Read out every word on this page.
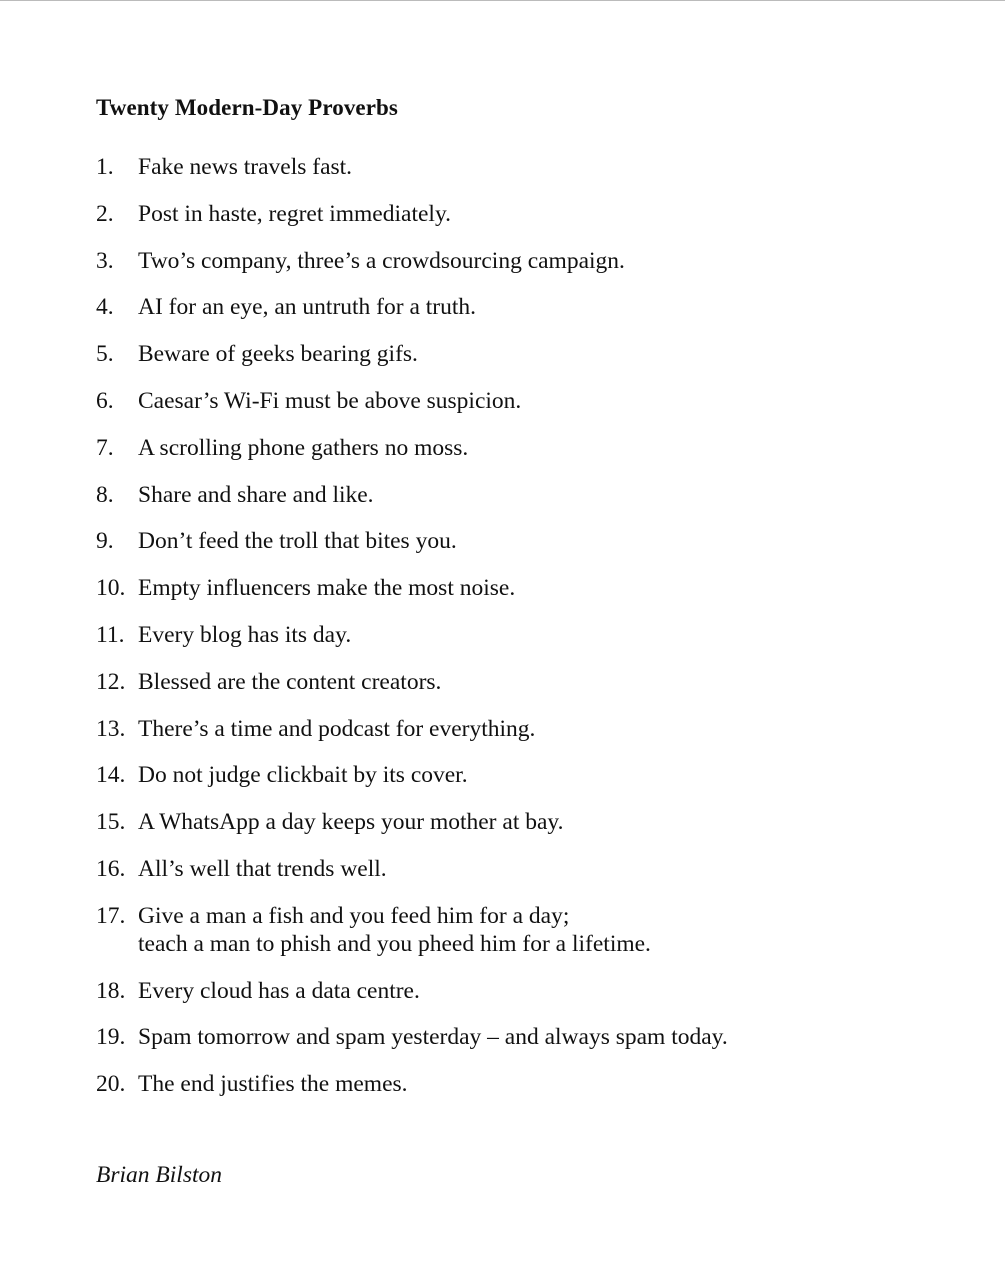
Twenty Modern-Day Proverbs
1.	Fake news travels fast.
2.	Post in haste, regret immediately.
3.	Two’s company, three’s a crowdsourcing campaign.
4.	AI for an eye, an untruth for a truth.
5.	Beware of geeks bearing gifs.
6.	Caesar’s Wi-Fi must be above suspicion.
7.	A scrolling phone gathers no moss.
8.	Share and share and like.
9.	Don’t feed the troll that bites you.
10. Empty influencers make the most noise.
11. Every blog has its day.
12. Blessed are the content creators.
13. There’s a time and podcast for everything.
14. Do not judge clickbait by its cover.
15. A WhatsApp a day keeps your mother at bay.
16. All’s well that trends well.
17. Give a man a fish and you feed him for a day;
teach a man to phish and you pheed him for a lifetime.
18. Every cloud has a data centre.
19. Spam tomorrow and spam yesterday – and always spam today.
20. The end justifies the memes.
Brian Bilston
